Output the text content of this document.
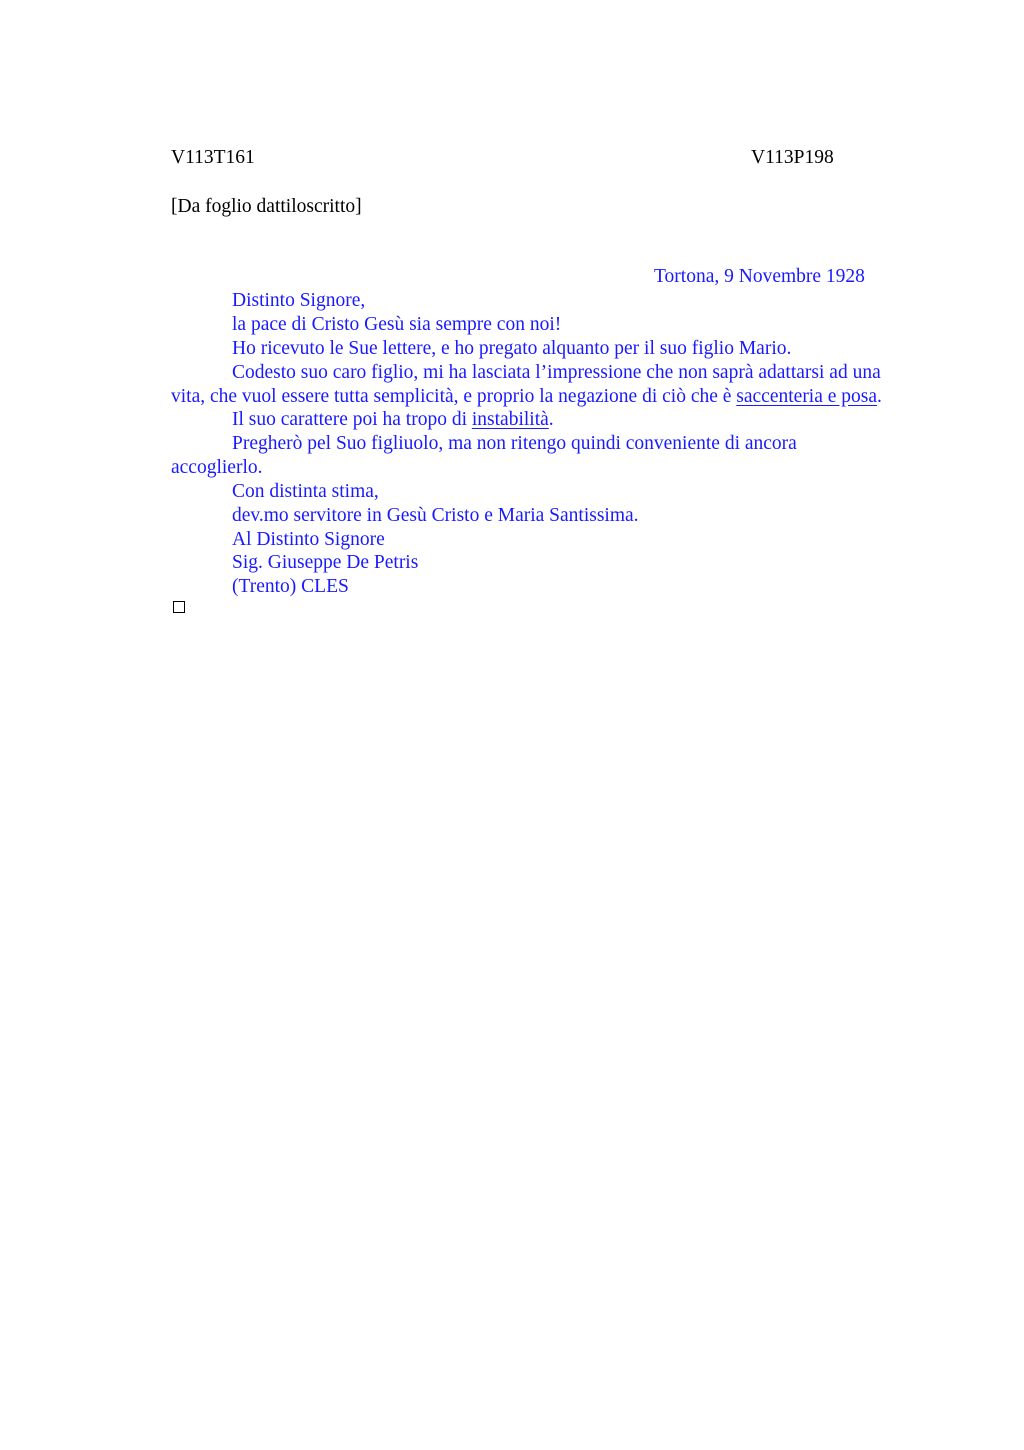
V113T161	V113P198
[Da foglio dattiloscritto]
Tortona, 9 Novembre 1928
Distinto Signore,
la pace di Cristo Gesù sia sempre con noi!
Ho ricevuto le Sue lettere, e ho pregato alquanto per il suo figlio Mario.
Codesto suo caro figlio, mi ha lasciata l’impressione che non saprà adattarsi ad una
vita, che vuol essere tutta semplicità, e proprio la negazione di ciò che è saccenteria e posa.
Il suo carattere poi ha tropo di instabilità.
Pregherò pel Suo figliuolo, ma non ritengo quindi conveniente di ancora
accoglierlo.
Con distinta stima,
dev.mo servitore in Gesù Cristo e Maria Santissima.
Al Distinto Signore
Sig. Giuseppe De Petris
(Trento) CLES
